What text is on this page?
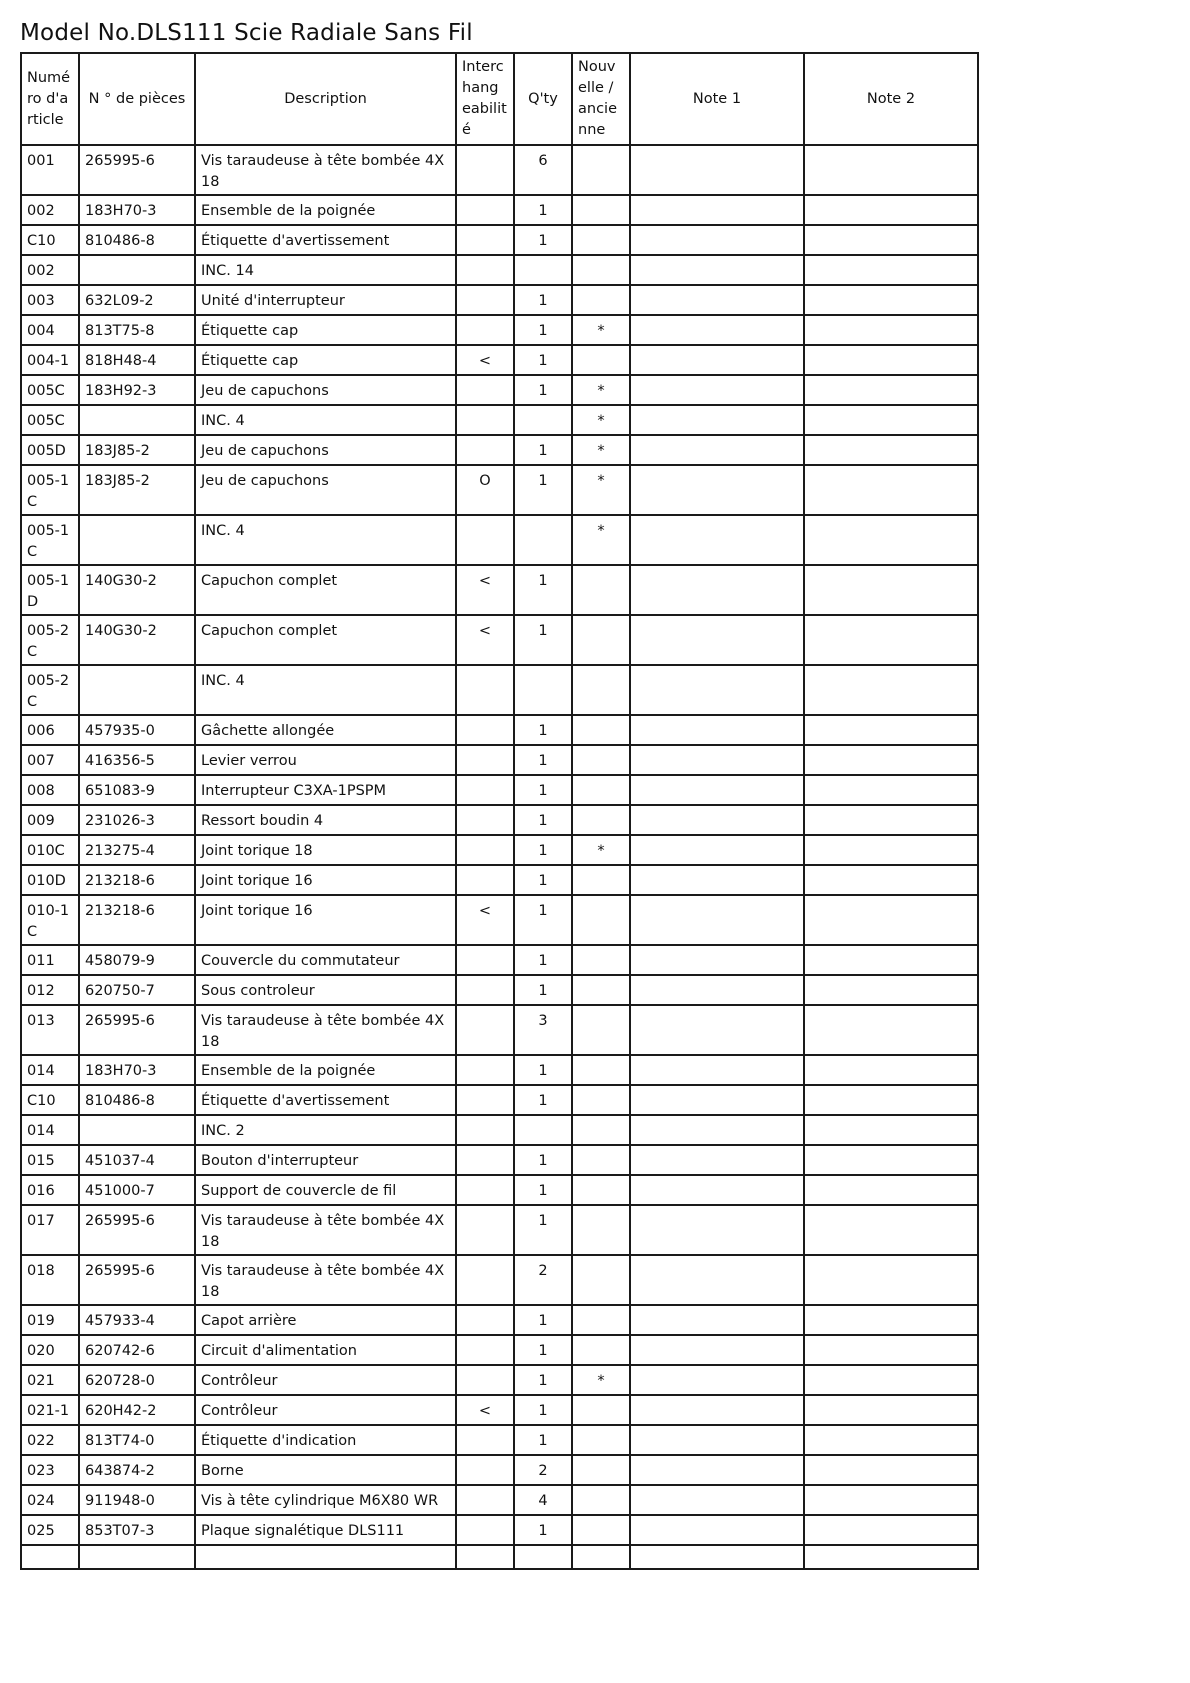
Model No.DLS111 Scie Radiale Sans Fil
Numé ro d'a rticle	N ° de pièces	Description	Interc hang eabilit é	Q'ty	Nouv elle / ancie nne	Note 1	Note 2
001	265995-6	Vis taraudeuse à tête bombée 4X 18		6			
002	183H70-3	Ensemble de la poignée		1			
C10	810486-8	Étiquette d'avertissement		1			
002		INC. 14					
003	632L09-2	Unité d'interrupteur		1			
004	813T75-8	Étiquette cap		1	*		
004-1	818H48-4	Étiquette cap	<	1			
005C	183H92-3	Jeu de capuchons		1	*		
005C		INC. 4			*		
005D	183J85-2	Jeu de capuchons		1	*		
005-1 C	183J85-2	Jeu de capuchons	O	1	*		
005-1 C		INC. 4			*		
005-1 D	140G30-2	Capuchon complet	<	1			
005-2 C	140G30-2	Capuchon complet	<	1			
005-2 C		INC. 4					
006	457935-0	Gâchette allongée		1			
007	416356-5	Levier verrou		1			
008	651083-9	Interrupteur C3XA-1PSPM		1			
009	231026-3	Ressort boudin 4		1			
010C	213275-4	Joint torique 18		1	*		
010D	213218-6	Joint torique 16		1			
010-1 C	213218-6	Joint torique 16	<	1			
011	458079-9	Couvercle du commutateur		1			
012	620750-7	Sous controleur		1			
013	265995-6	Vis taraudeuse à tête bombée 4X 18		3			
014	183H70-3	Ensemble de la poignée		1			
C10	810486-8	Étiquette d'avertissement		1			
014		INC. 2					
015	451037-4	Bouton d'interrupteur		1			
016	451000-7	Support de couvercle de fil		1			
017	265995-6	Vis taraudeuse à tête bombée 4X 18		1			
018	265995-6	Vis taraudeuse à tête bombée 4X 18		2			
019	457933-4	Capot arrière		1			
020	620742-6	Circuit d'alimentation		1			
021	620728-0	Contrôleur		1	*		
021-1	620H42-2	Contrôleur	<	1			
022	813T74-0	Étiquette d'indication		1			
023	643874-2	Borne		2			
024	911948-0	Vis à tête cylindrique M6X80 WR		4			
025	853T07-3	Plaque signalétique DLS111		1			
